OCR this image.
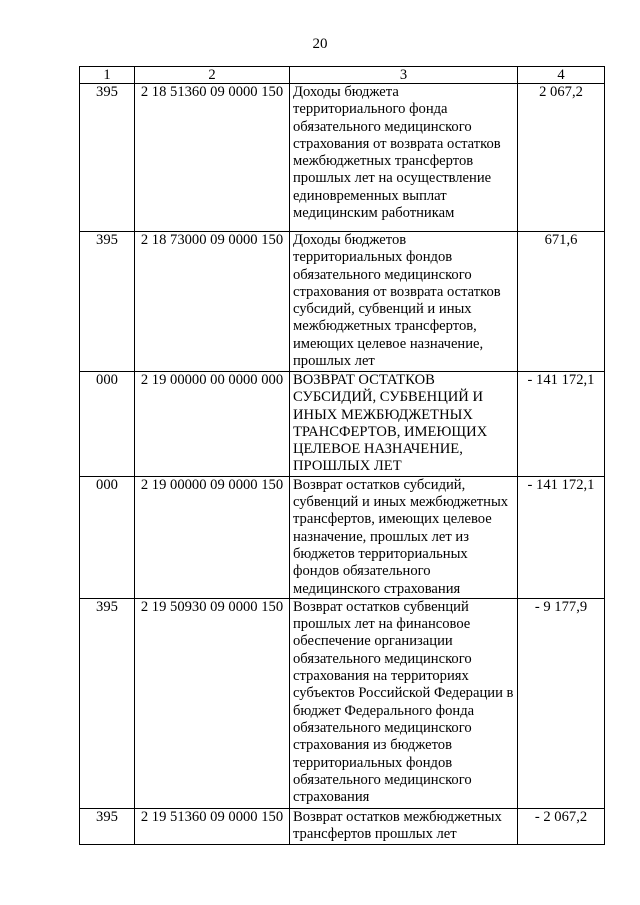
20
1	2	3	4
395	2 18 51360 09 0000 150	Доходы бюджета территориального фонда обязательного медицинского страхования от возврата остатков межбюджетных трансфертов прошлых лет на осуществление единовременных выплат медицинским работникам	2 067,2
395	2 18 73000 09 0000 150	Доходы бюджетов территориальных фондов обязательного медицинского страхования от возврата остатков субсидий, субвенций и иных межбюджетных трансфертов, имеющих целевое назначение, прошлых лет	671,6
000	2 19 00000 00 0000 000	ВОЗВРАТ ОСТАТКОВ СУБСИДИЙ, СУБВЕНЦИЙ И ИНЫХ МЕЖБЮДЖЕТНЫХ ТРАНСФЕРТОВ, ИМЕЮЩИХ ЦЕЛЕВОЕ НАЗНАЧЕНИЕ, ПРОШЛЫХ ЛЕТ	- 141 172,1
000	2 19 00000 09 0000 150	Возврат остатков субсидий, субвенций и иных межбюджетных трансфертов, имеющих целевое назначение, прошлых лет из бюджетов территориальных фондов обязательного медицинского страхования	- 141 172,1
395	2 19 50930 09 0000 150	Возврат остатков субвенций прошлых лет на финансовое обеспечение организации обязательного медицинского страхования на территориях субъектов Российской Федерации в бюджет Федерального фонда обязательного медицинского страхования из бюджетов территориальных фондов обязательного медицинского страхования	- 9 177,9
395	2 19 51360 09 0000 150	Возврат остатков межбюджетных трансфертов прошлых лет	- 2 067,2
